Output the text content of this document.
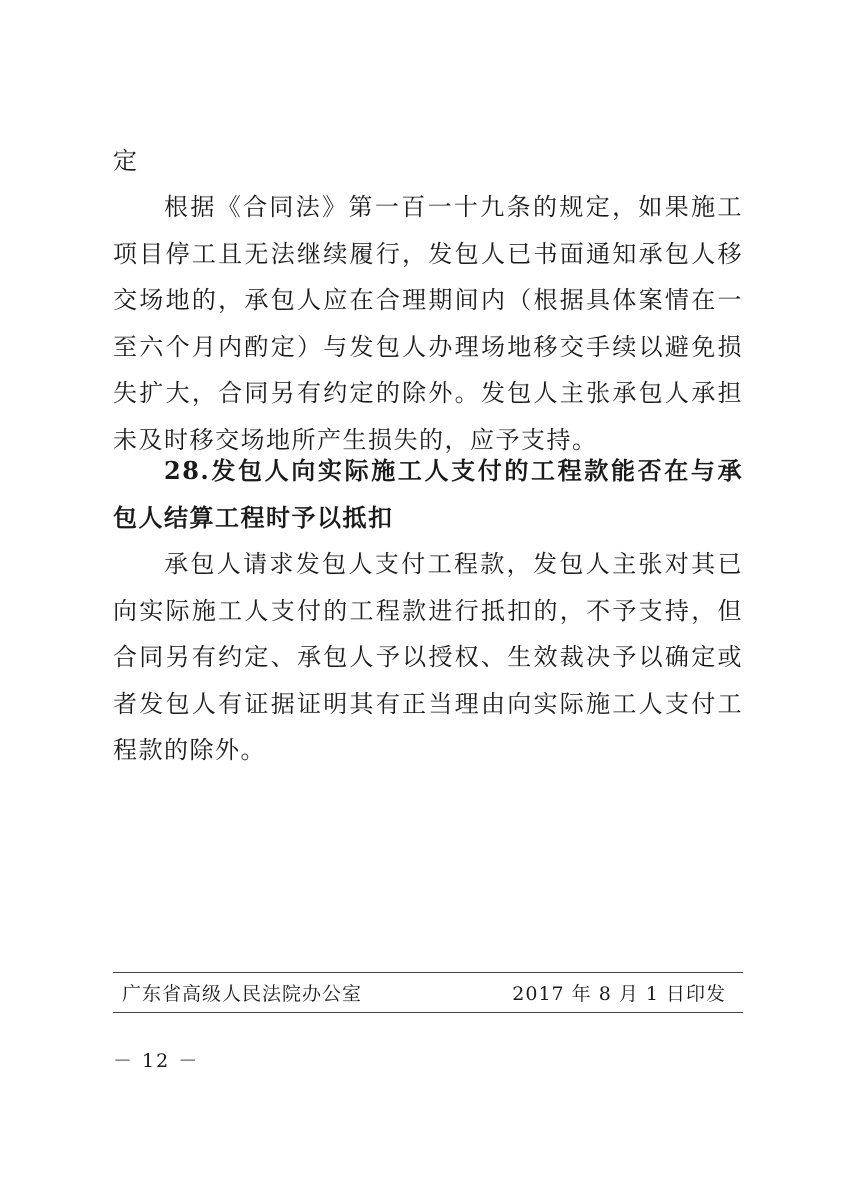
定

根据《合同法》第一百一十九条的规定，如果施工项目停工且无法继续履行，发包人已书面通知承包人移交场地的，承包人应在合理期间内（根据具体案情在一至六个月内酌定）与发包人办理场地移交手续以避免损失扩大，合同另有约定的除外。发包人主张承包人承担未及时移交场地所产生损失的，应予支持。

28.发包人向实际施工人支付的工程款能否在与承包人结算工程时予以抵扣

承包人请求发包人支付工程款，发包人主张对其已向实际施工人支付的工程款进行抵扣的，不予支持，但合同另有约定、承包人予以授权、生效裁决予以确定或者发包人有证据证明其有正当理由向实际施工人支付工程款的除外。

广东省高级人民法院办公室	2017 年 8 月 1 日印发
－ 12 －
